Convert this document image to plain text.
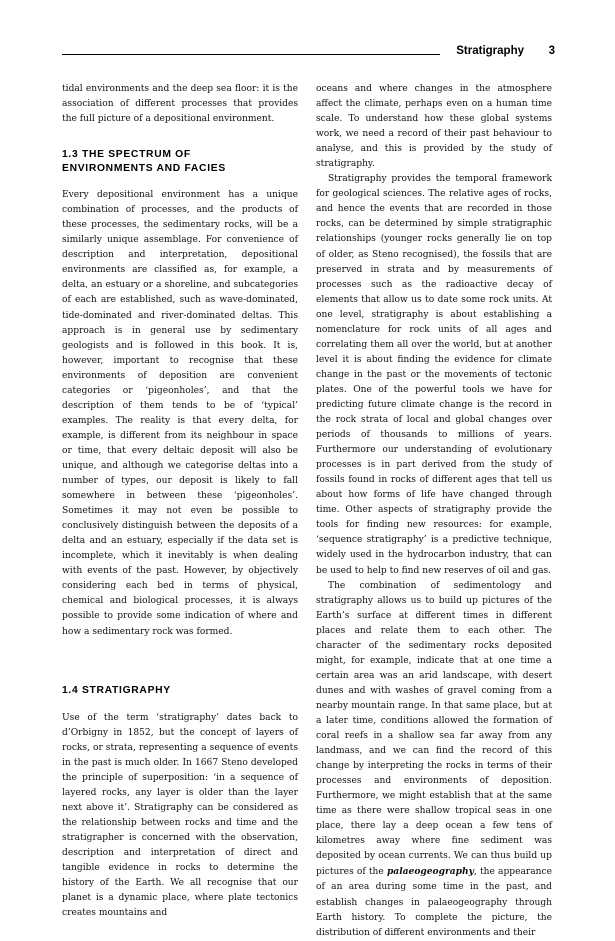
Stratigraphy 3

tidal environments and the deep sea floor: it is the association of different processes that provides the full picture of a depositional environment.

1.3 THE SPECTRUM OF
ENVIRONMENTS AND FACIES

Every depositional environment has a unique combination of processes, and the products of these processes, the sedimentary rocks, will be a similarly unique assemblage. For convenience of description and interpretation, depositional environments are classified as, for example, a delta, an estuary or a shoreline, and subcategories of each are established, such as wave-dominated, tide-dominated and river-dominated deltas. This approach is in general use by sedimentary geologists and is followed in this book. It is, however, important to recognise that these environments of deposition are convenient categories or ‘pigeonholes’, and that the description of them tends to be of ‘typical’ examples. The reality is that every delta, for example, is different from its neighbour in space or time, that every deltaic deposit will also be unique, and although we categorise deltas into a number of types, our deposit is likely to fall somewhere in between these ‘pigeonholes’. Sometimes it may not even be possible to conclusively distinguish between the deposits of a delta and an estuary, especially if the data set is incomplete, which it inevitably is when dealing with events of the past. However, by objectively considering each bed in terms of physical, chemical and biological processes, it is always possible to provide some indication of where and how a sedimentary rock was formed.

1.4 STRATIGRAPHY

Use of the term ‘stratigraphy’ dates back to d’Orbigny in 1852, but the concept of layers of rocks, or strata, representing a sequence of events in the past is much older. In 1667 Steno developed the principle of superposition: ‘in a sequence of layered rocks, any layer is older than the layer next above it’. Stratigraphy can be considered as the relationship between rocks and time and the stratigrapher is concerned with the observation, description and interpretation of direct and tangible evidence in rocks to determine the history of the Earth. We all recognise that our planet is a dynamic place, where plate tectonics creates mountains and

oceans and where changes in the atmosphere affect the climate, perhaps even on a human time scale. To understand how these global systems work, we need a record of their past behaviour to analyse, and this is provided by the study of stratigraphy.

Stratigraphy provides the temporal framework for geological sciences. The relative ages of rocks, and hence the events that are recorded in those rocks, can be determined by simple stratigraphic relationships (younger rocks generally lie on top of older, as Steno recognised), the fossils that are preserved in strata and by measurements of processes such as the radioactive decay of elements that allow us to date some rock units. At one level, stratigraphy is about establishing a nomenclature for rock units of all ages and correlating them all over the world, but at another level it is about finding the evidence for climate change in the past or the movements of tectonic plates. One of the powerful tools we have for predicting future climate change is the record in the rock strata of local and global changes over periods of thousands to millions of years. Furthermore our understanding of evolutionary processes is in part derived from the study of fossils found in rocks of different ages that tell us about how forms of life have changed through time. Other aspects of stratigraphy provide the tools for finding new resources: for example, ‘sequence stratigraphy’ is a predictive technique, widely used in the hydrocarbon industry, that can be used to help to find new reserves of oil and gas.

The combination of sedimentology and stratigraphy allows us to build up pictures of the Earth’s surface at different times in different places and relate them to each other. The character of the sedimentary rocks deposited might, for example, indicate that at one time a certain area was an arid landscape, with desert dunes and with washes of gravel coming from a nearby mountain range. In that same place, but at a later time, conditions allowed the formation of coral reefs in a shallow sea far away from any landmass, and we can find the record of this change by interpreting the rocks in terms of their processes and environments of deposition. Furthermore, we might establish that at the same time as there were shallow tropical seas in one place, there lay a deep ocean a few tens of kilometres away where fine sediment was deposited by ocean currents. We can thus build up pictures of the palaeogeography, the appearance of an area during some time in the past, and establish changes in palaeogeography through Earth history. To complete the picture, the distribution of different environments and their
